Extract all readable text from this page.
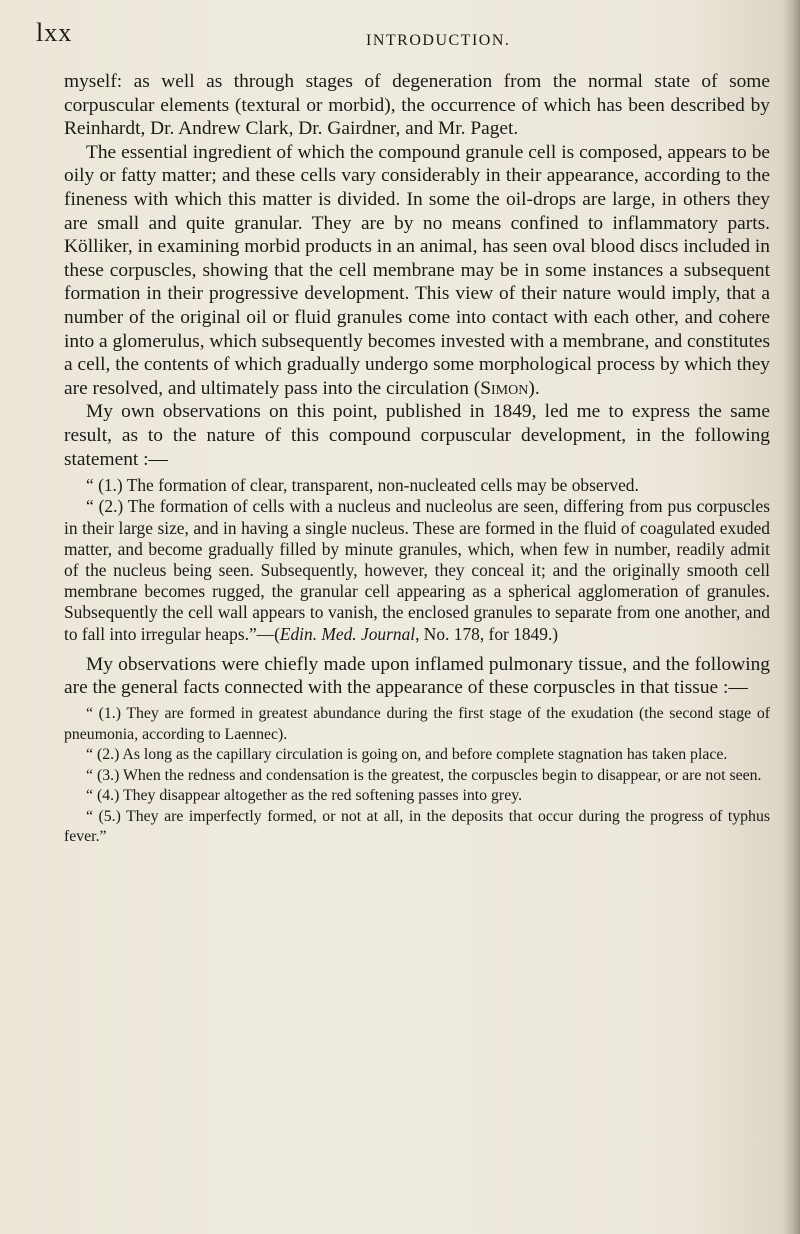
lxx	INTRODUCTION.

myself: as well as through stages of degeneration from the normal state of some corpuscular elements (textural or morbid), the occurrence of which has been described by Reinhardt, Dr. Andrew Clark, Dr. Gairdner, and Mr. Paget.

The essential ingredient of which the compound granule cell is composed, appears to be oily or fatty matter; and these cells vary considerably in their appearance, according to the fineness with which this matter is divided. In some the oil-drops are large, in others they are small and quite granular. They are by no means confined to inflammatory parts. Kölliker, in examining morbid products in an animal, has seen oval blood discs included in these corpuscles, showing that the cell membrane may be in some instances a subsequent formation in their progressive development. This view of their nature would imply, that a number of the original oil or fluid granules come into contact with each other, and cohere into a glomerulus, which subsequently becomes invested with a membrane, and constitutes a cell, the contents of which gradually undergo some morphological process by which they are resolved, and ultimately pass into the circulation (Simon).

My own observations on this point, published in 1849, led me to express the same result, as to the nature of this compound corpuscular development, in the following statement :—

“ (1.) The formation of clear, transparent, non-nucleated cells may be observed.

“ (2.) The formation of cells with a nucleus and nucleolus are seen, differing from pus corpuscles in their large size, and in having a single nucleus. These are formed in the fluid of coagulated exuded matter, and become gradually filled by minute granules, which, when few in number, readily admit of the nucleus being seen. Subsequently, however, they conceal it; and the originally smooth cell membrane becomes rugged, the granular cell appearing as a spherical agglomeration of granules. Subsequently the cell wall appears to vanish, the enclosed granules to separate from one another, and to fall into irregular heaps.”—(Edin. Med. Journal, No. 178, for 1849.)

My observations were chiefly made upon inflamed pulmonary tissue, and the following are the general facts connected with the appearance of these corpuscles in that tissue :—

“ (1.) They are formed in greatest abundance during the first stage of the exudation (the second stage of pneumonia, according to Laennec).

“ (2.) As long as the capillary circulation is going on, and before complete stagnation has taken place.

“ (3.) When the redness and condensation is the greatest, the corpuscles begin to disappear, or are not seen.

“ (4.) They disappear altogether as the red softening passes into grey.

“ (5.) They are imperfectly formed, or not at all, in the deposits that occur during the progress of typhus fever.”
